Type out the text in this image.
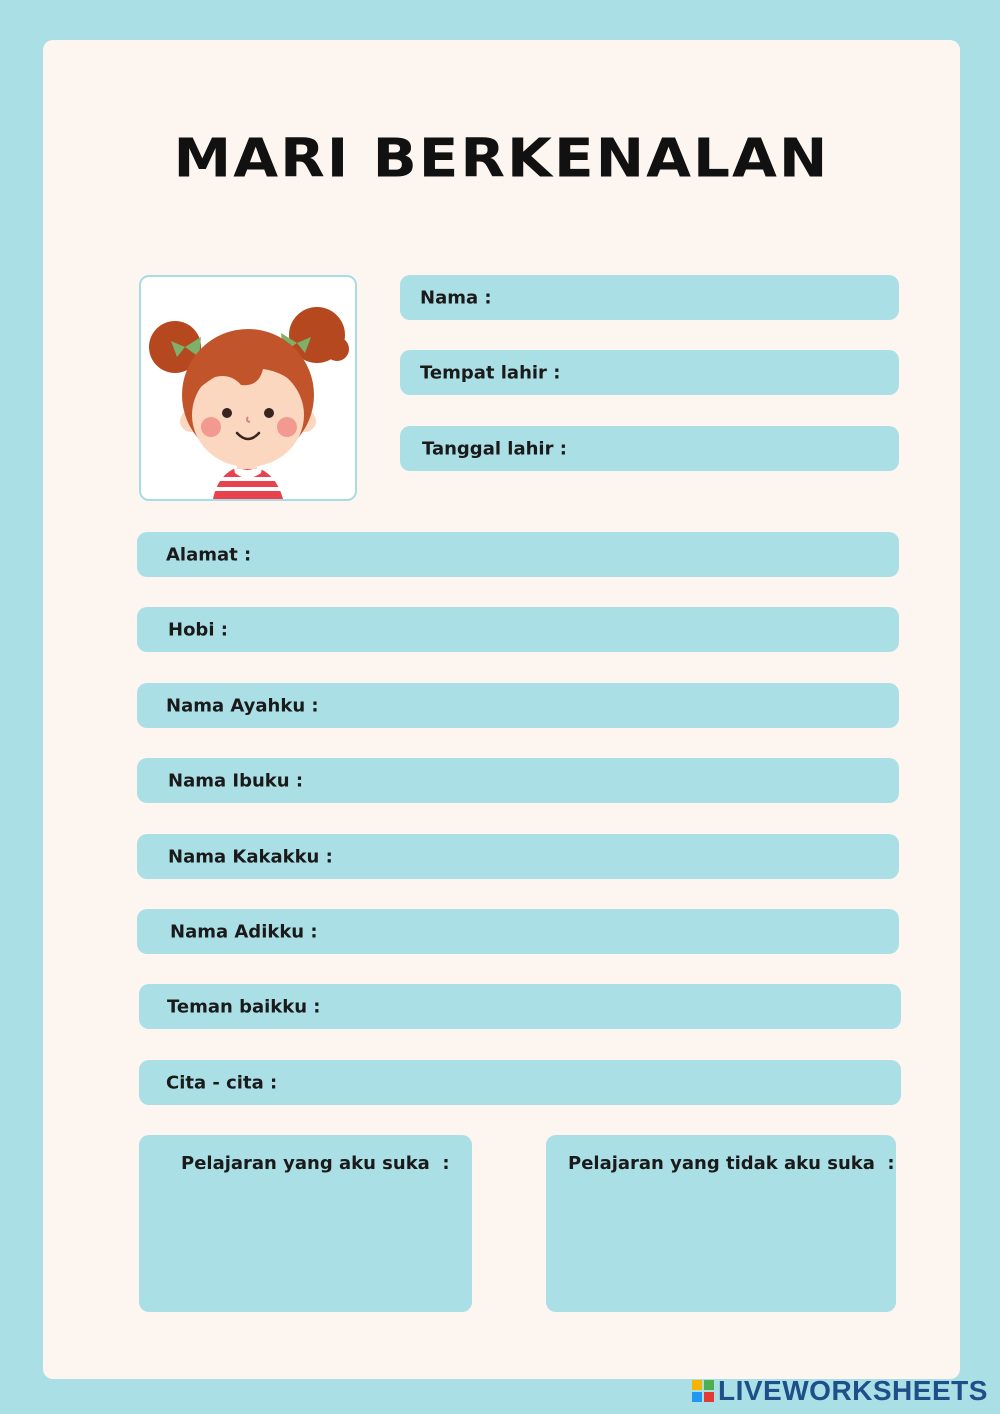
MARI BERKENALAN
Nama :
Tempat lahir :
Tanggal lahir :
Alamat :
Hobi :
Nama Ayahku :
Nama Ibuku :
Nama Kakakku :
Nama Adikku :
Teman baikku :
Cita - cita :
Pelajaran yang aku suka  :	Pelajaran yang tidak aku suka  :
LIVEWORKSHEETS
